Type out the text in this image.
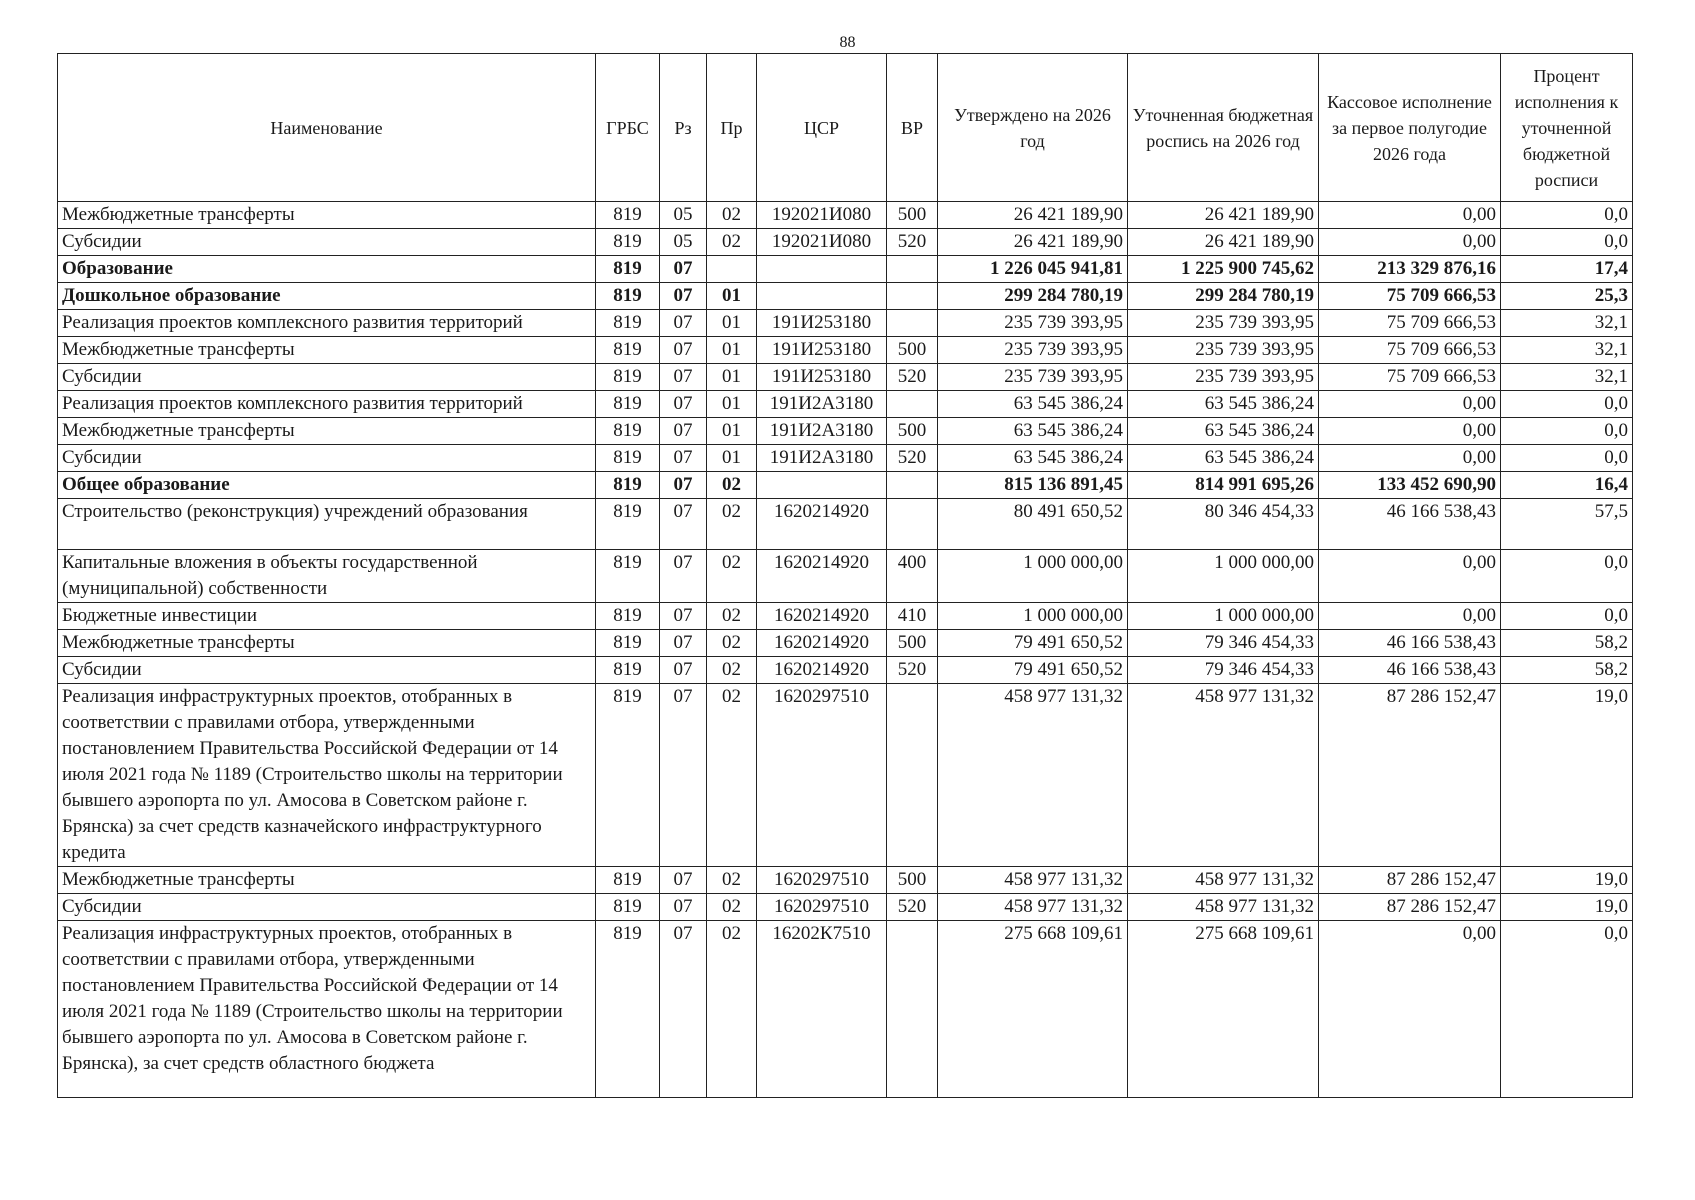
88
Наименование	ГРБС	Рз	Пр	ЦСР	ВР	Утверждено на 2026 год	Уточненная бюджетная роспись на 2026 год	Кассовое исполнение за первое полугодие 2026 года	Процент исполнения к уточненной бюджетной росписи
Межбюджетные трансферты	819	05	02	192021И080	500	26 421 189,90	26 421 189,90	0,00	0,0
Субсидии	819	05	02	192021И080	520	26 421 189,90	26 421 189,90	0,00	0,0
Образование	819	07				1 226 045 941,81	1 225 900 745,62	213 329 876,16	17,4
Дошкольное образование	819	07	01			299 284 780,19	299 284 780,19	75 709 666,53	25,3
Реализация проектов комплексного развития территорий	819	07	01	191И253180		235 739 393,95	235 739 393,95	75 709 666,53	32,1
Межбюджетные трансферты	819	07	01	191И253180	500	235 739 393,95	235 739 393,95	75 709 666,53	32,1
Субсидии	819	07	01	191И253180	520	235 739 393,95	235 739 393,95	75 709 666,53	32,1
Реализация проектов комплексного развития территорий	819	07	01	191И2А3180		63 545 386,24	63 545 386,24	0,00	0,0
Межбюджетные трансферты	819	07	01	191И2А3180	500	63 545 386,24	63 545 386,24	0,00	0,0
Субсидии	819	07	01	191И2А3180	520	63 545 386,24	63 545 386,24	0,00	0,0
Общее образование	819	07	02			815 136 891,45	814 991 695,26	133 452 690,90	16,4
Строительство (реконструкция) учреждений образования	819	07	02	1620214920		80 491 650,52	80 346 454,33	46 166 538,43	57,5
Капитальные вложения в объекты государственной (муниципальной) собственности	819	07	02	1620214920	400	1 000 000,00	1 000 000,00	0,00	0,0
Бюджетные инвестиции	819	07	02	1620214920	410	1 000 000,00	1 000 000,00	0,00	0,0
Межбюджетные трансферты	819	07	02	1620214920	500	79 491 650,52	79 346 454,33	46 166 538,43	58,2
Субсидии	819	07	02	1620214920	520	79 491 650,52	79 346 454,33	46 166 538,43	58,2
Реализация инфраструктурных проектов, отобранных в соответствии с правилами отбора, утвержденными постановлением Правительства Российской Федерации от 14 июля 2021 года № 1189 (Строительство школы на территории бывшего аэропорта по ул. Амосова в Советском районе г. Брянска) за счет средств казначейского инфраструктурного кредита	819	07	02	1620297510		458 977 131,32	458 977 131,32	87 286 152,47	19,0
Межбюджетные трансферты	819	07	02	1620297510	500	458 977 131,32	458 977 131,32	87 286 152,47	19,0
Субсидии	819	07	02	1620297510	520	458 977 131,32	458 977 131,32	87 286 152,47	19,0
Реализация инфраструктурных проектов, отобранных в соответствии с правилами отбора, утвержденными постановлением Правительства Российской Федерации от 14 июля 2021 года № 1189 (Строительство школы на территории бывшего аэропорта по ул. Амосова в Советском районе г. Брянска), за счет средств областного бюджета	819	07	02	16202К7510		275 668 109,61	275 668 109,61	0,00	0,0
